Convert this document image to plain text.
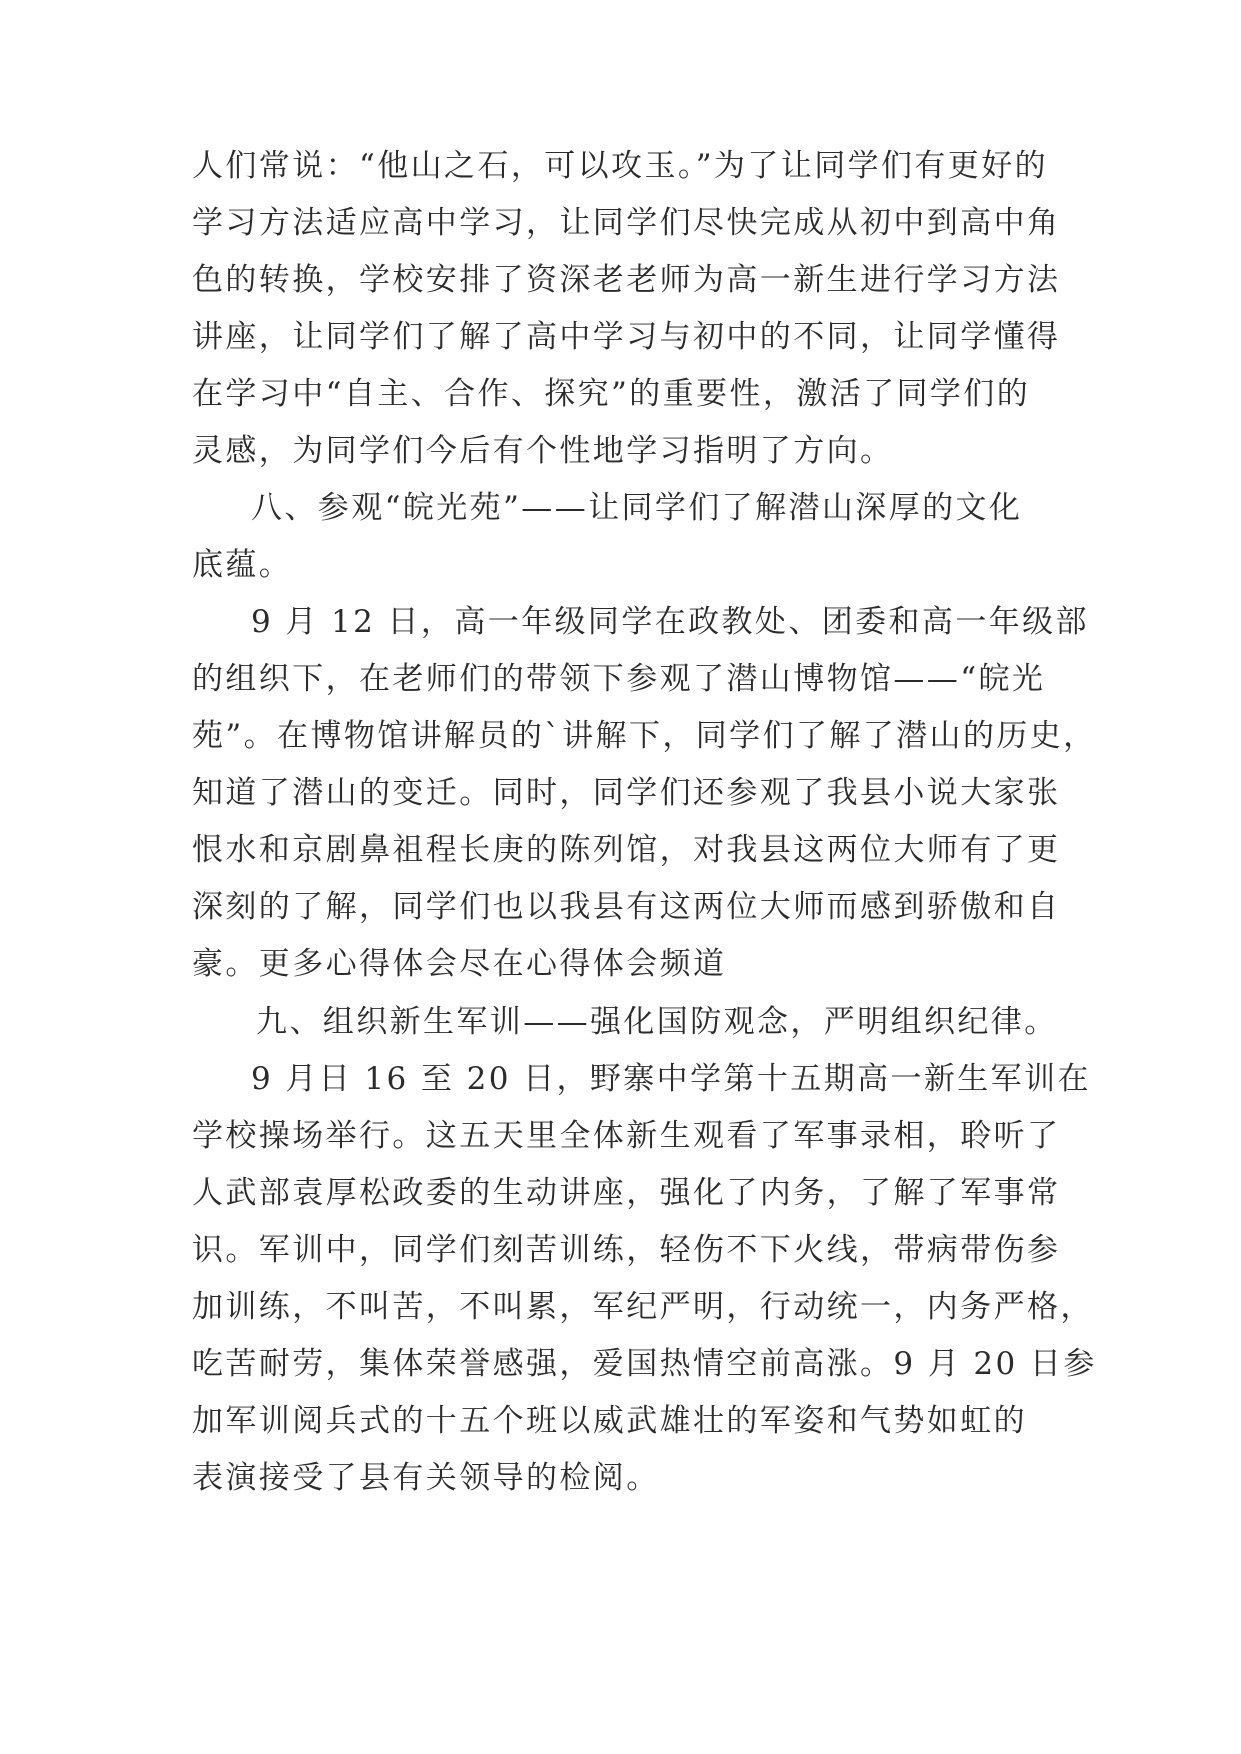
人们常说：“他山之石，可以攻玉。”为了让同学们有更好的
学习方法适应高中学习，让同学们尽快完成从初中到高中角
色的转换，学校安排了资深老老师为高一新生进行学习方法
讲座，让同学们了解了高中学习与初中的不同，让同学懂得
在学习中“自主、合作、探究”的重要性，激活了同学们的
灵感，为同学们今后有个性地学习指明了方向。
八、参观“皖光苑”——让同学们了解潜山深厚的文化
底蕴。
9 月 12 日，高一年级同学在政教处、团委和高一年级部
的组织下，在老师们的带领下参观了潜山博物馆——“皖光
苑”。在博物馆讲解员的`讲解下，同学们了解了潜山的历史，
知道了潜山的变迁。同时，同学们还参观了我县小说大家张
恨水和京剧鼻祖程长庚的陈列馆，对我县这两位大师有了更
深刻的了解，同学们也以我县有这两位大师而感到骄傲和自
豪。更多心得体会尽在心得体会频道
九、组织新生军训——强化国防观念，严明组织纪律。
9 月日 16 至 20 日，野寨中学第十五期高一新生军训在
学校操场举行。这五天里全体新生观看了军事录相，聆听了
人武部袁厚松政委的生动讲座，强化了内务，了解了军事常
识。军训中，同学们刻苦训练，轻伤不下火线，带病带伤参
加训练，不叫苦，不叫累，军纪严明，行动统一，内务严格，
吃苦耐劳，集体荣誉感强，爱国热情空前高涨。9 月 20 日参
加军训阅兵式的十五个班以威武雄壮的军姿和气势如虹的
表演接受了县有关领导的检阅。
